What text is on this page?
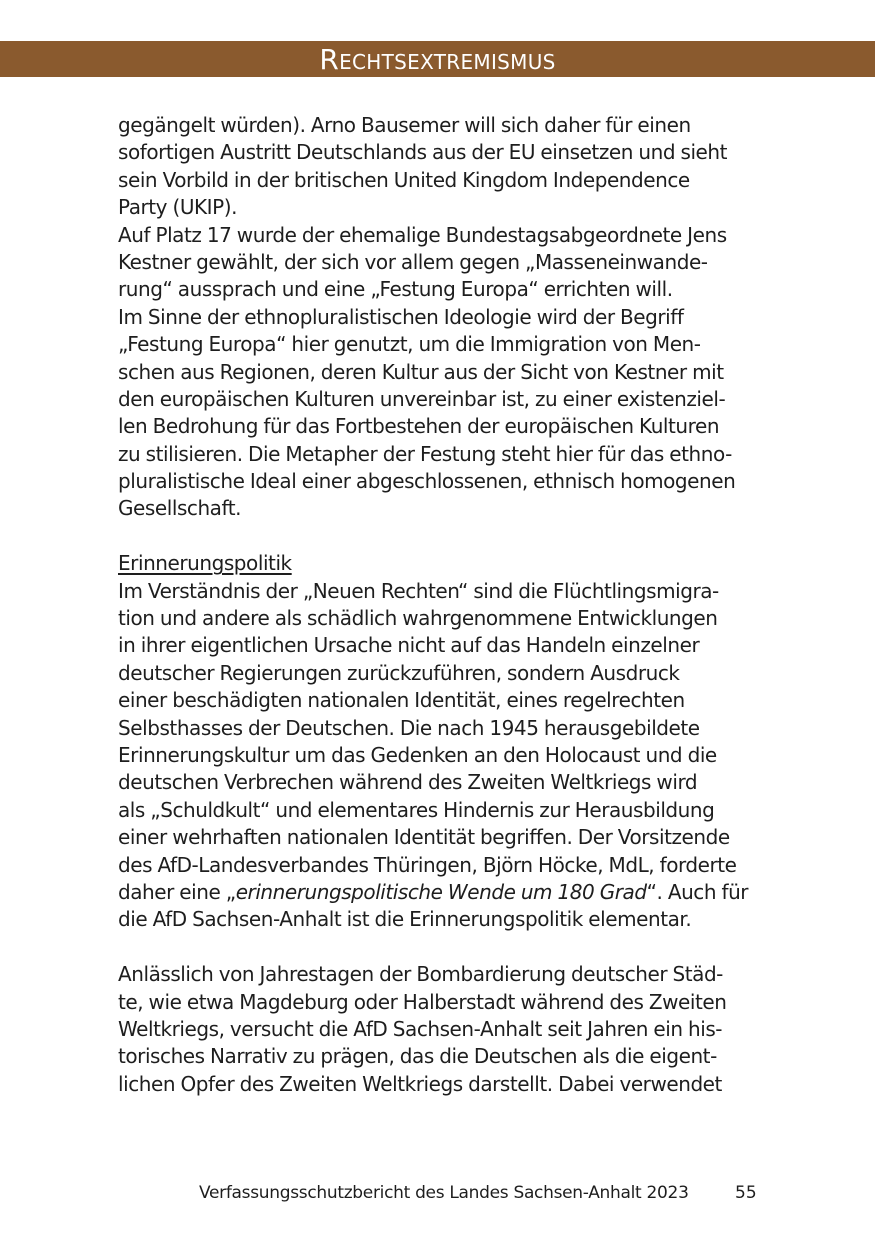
Rechtsextremismus
gegängelt würden). Arno Bausemer will sich daher für einen
sofortigen Austritt Deutschlands aus der EU einsetzen und sieht
sein Vorbild in der britischen United Kingdom Independence
Party (UKIP).
Auf Platz 17 wurde der ehemalige Bundestagsabgeordnete Jens
Kestner gewählt, der sich vor allem gegen „Masseneinwande-
rung“ aussprach und eine „Festung Europa“ errichten will.
Im Sinne der ethnopluralistischen Ideologie wird der Begriff
„Festung Europa“ hier genutzt, um die Immigration von Men-
schen aus Regionen, deren Kultur aus der Sicht von Kestner mit
den europäischen Kulturen unvereinbar ist, zu einer existenziel-
len Bedrohung für das Fortbestehen der europäischen Kulturen
zu stilisieren. Die Metapher der Festung steht hier für das ethno-
pluralistische Ideal einer abgeschlossenen, ethnisch homogenen
Gesellschaft.
Erinnerungspolitik
Im Verständnis der „Neuen Rechten“ sind die Flüchtlingsmigra-
tion und andere als schädlich wahrgenommene Entwicklungen
in ihrer eigentlichen Ursache nicht auf das Handeln einzelner
deutscher Regierungen zurückzuführen, sondern Ausdruck
einer beschädigten nationalen Identität, eines regelrechten
Selbsthasses der Deutschen. Die nach 1945 herausgebildete
Erinnerungskultur um das Gedenken an den Holocaust und die
deutschen Verbrechen während des Zweiten Weltkriegs wird
als „Schuldkult“ und elementares Hindernis zur Herausbildung
einer wehrhaften nationalen Identität begriffen. Der Vorsitzende
des AfD-Landesverbandes Thüringen, Björn Höcke, MdL, forderte
daher eine „erinnerungspolitische Wende um 180 Grad“. Auch für
die AfD Sachsen-Anhalt ist die Erinnerungspolitik elementar.
Anlässlich von Jahrestagen der Bombardierung deutscher Städ-
te, wie etwa Magdeburg oder Halberstadt während des Zweiten
Weltkriegs, versucht die AfD Sachsen-Anhalt seit Jahren ein his-
torisches Narrativ zu prägen, das die Deutschen als die eigent-
lichen Opfer des Zweiten Weltkriegs darstellt. Dabei verwendet
Verfassungsschutzbericht des Landes Sachsen-Anhalt 2023	55
